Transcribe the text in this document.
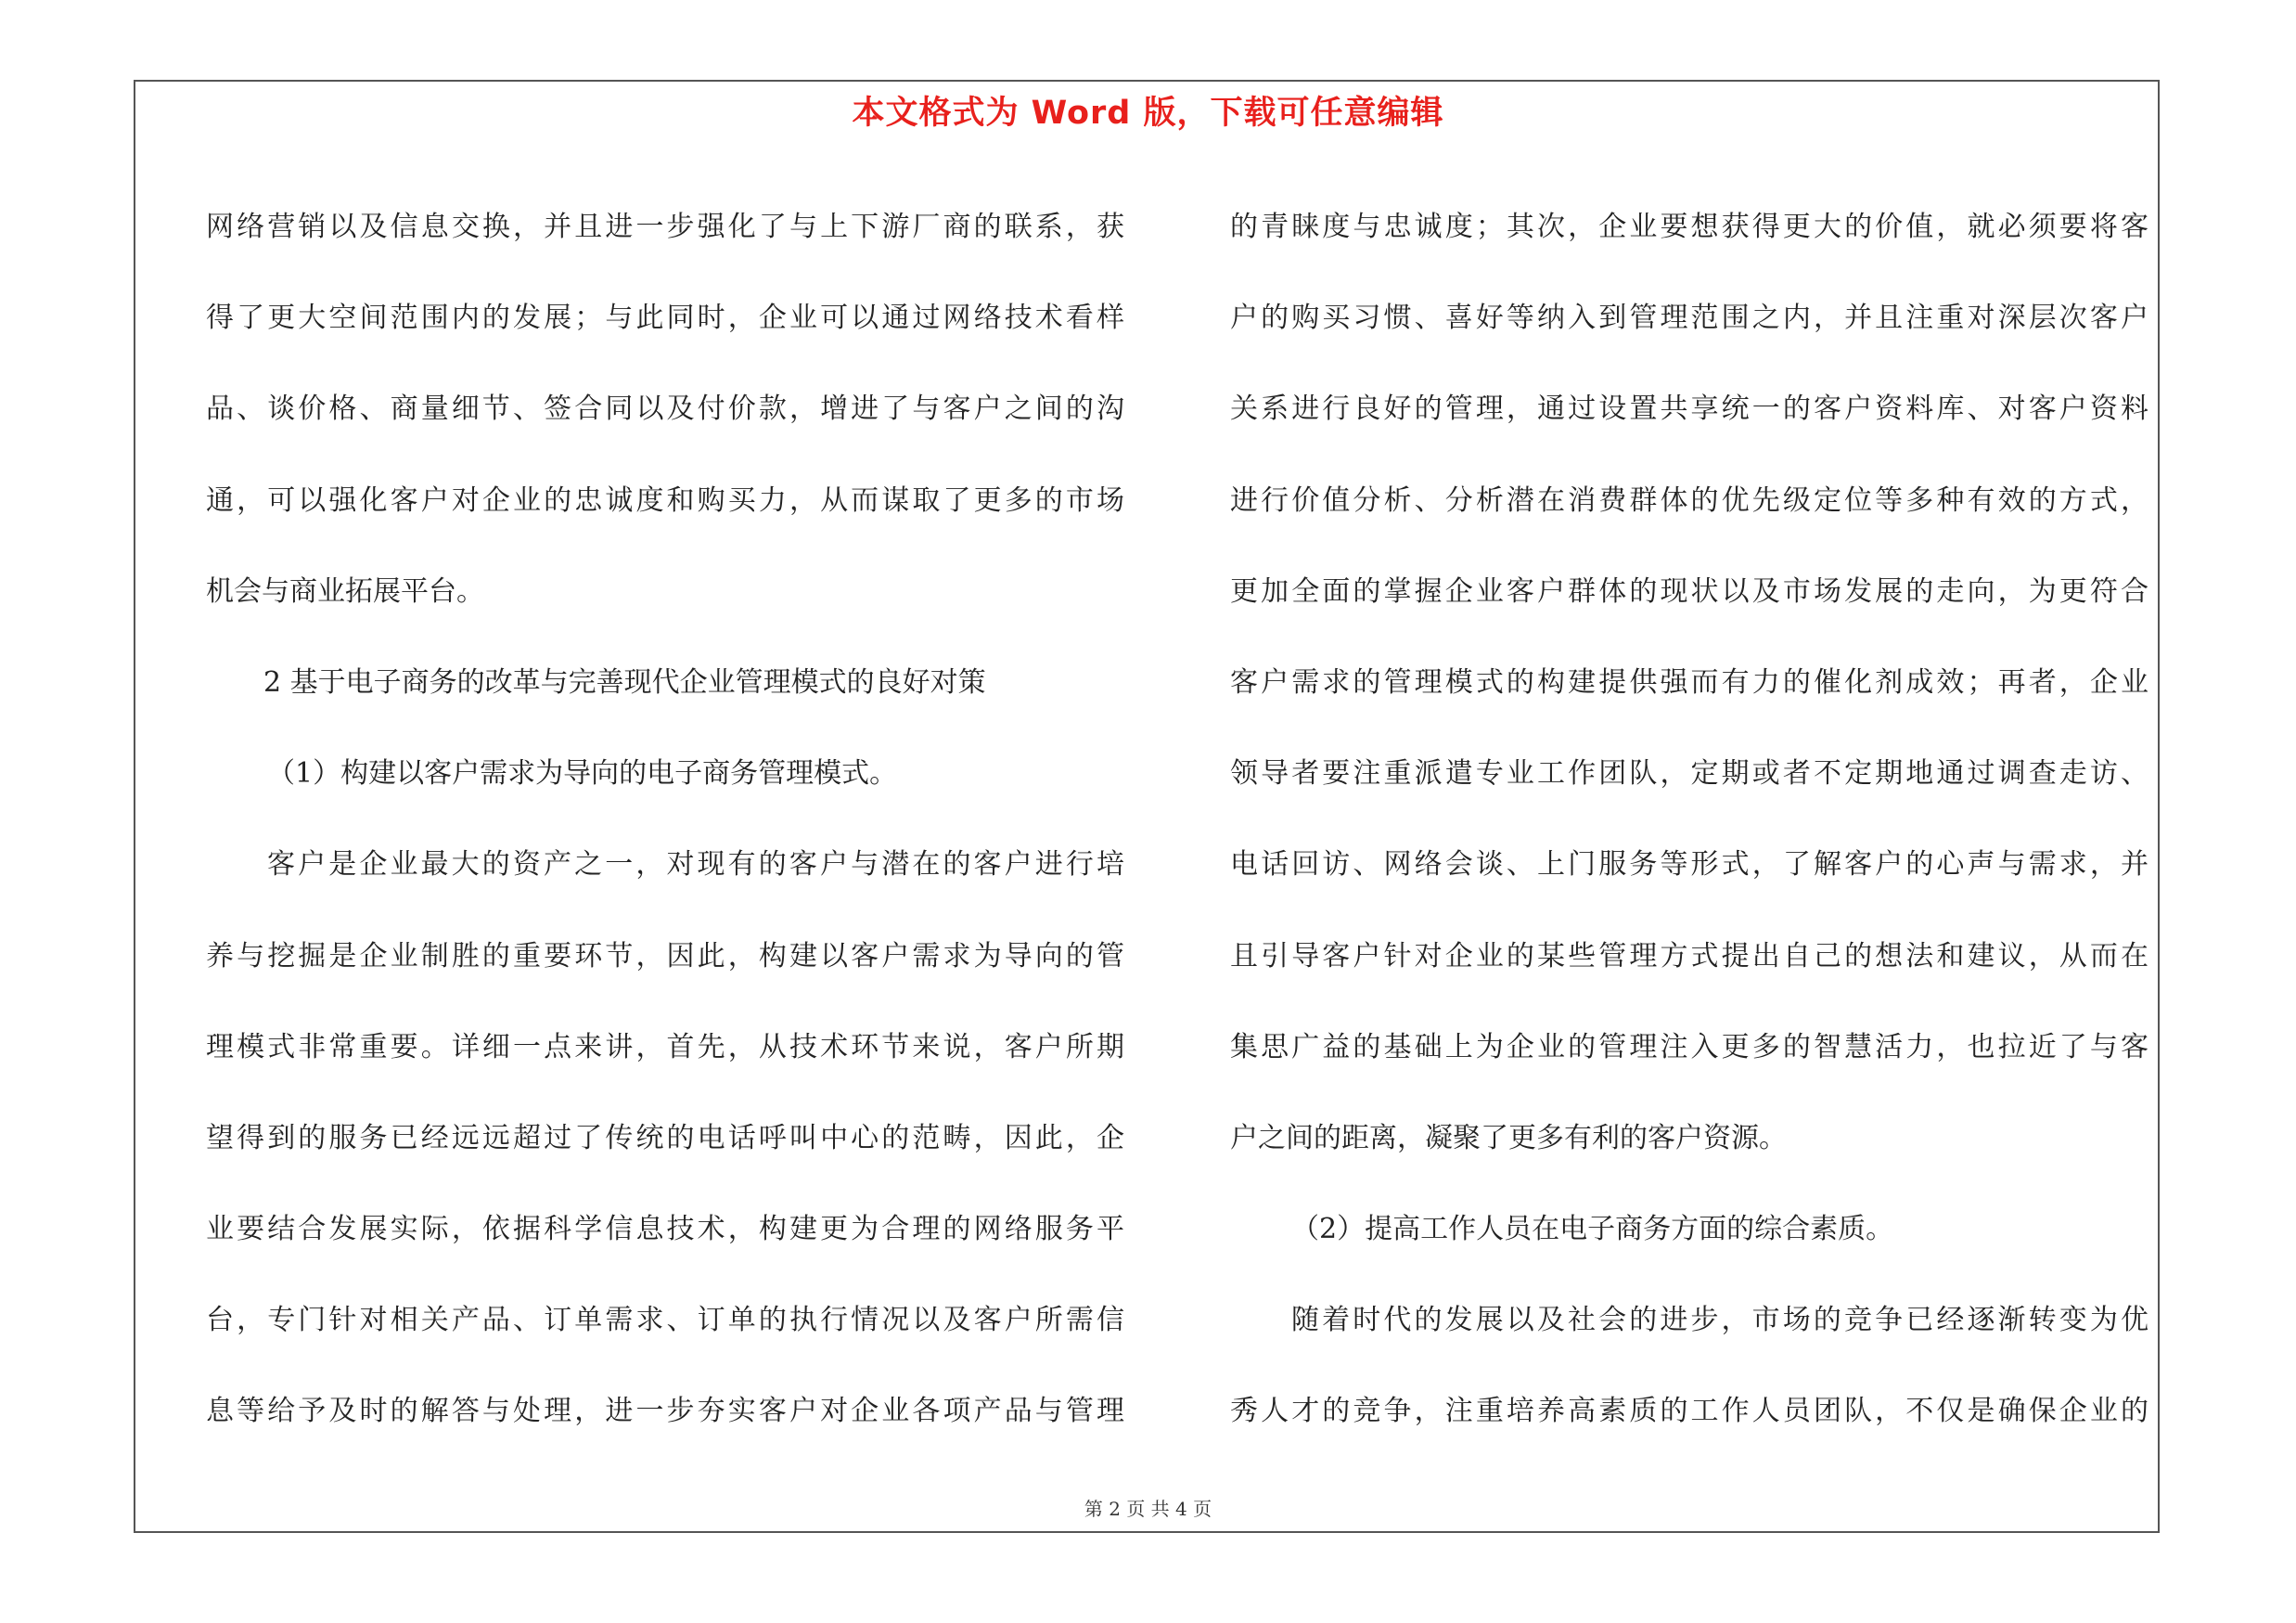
本文格式为 Word 版，下载可任意编辑
网络营销以及信息交换，并且进一步强化了与上下游厂商的联系，获
得了更大空间范围内的发展；与此同时，企业可以通过网络技术看样
品、谈价格、商量细节、签合同以及付价款，增进了与客户之间的沟
通，可以强化客户对企业的忠诚度和购买力，从而谋取了更多的市场
机会与商业拓展平台。
2 基于电子商务的改革与完善现代企业管理模式的良好对策
（1）构建以客户需求为导向的电子商务管理模式。
客户是企业最大的资产之一，对现有的客户与潜在的客户进行培
养与挖掘是企业制胜的重要环节，因此，构建以客户需求为导向的管
理模式非常重要。详细一点来讲，首先，从技术环节来说，客户所期
望得到的服务已经远远超过了传统的电话呼叫中心的范畴，因此，企
业要结合发展实际，依据科学信息技术，构建更为合理的网络服务平
台，专门针对相关产品、订单需求、订单的执行情况以及客户所需信
息等给予及时的解答与处理，进一步夯实客户对企业各项产品与管理
的青睐度与忠诚度；其次，企业要想获得更大的价值，就必须要将客
户的购买习惯、喜好等纳入到管理范围之内，并且注重对深层次客户
关系进行良好的管理，通过设置共享统一的客户资料库、对客户资料
进行价值分析、分析潜在消费群体的优先级定位等多种有效的方式，
更加全面的掌握企业客户群体的现状以及市场发展的走向，为更符合
客户需求的管理模式的构建提供强而有力的催化剂成效；再者，企业
领导者要注重派遣专业工作团队，定期或者不定期地通过调查走访、
电话回访、网络会谈、上门服务等形式，了解客户的心声与需求，并
且引导客户针对企业的某些管理方式提出自己的想法和建议，从而在
集思广益的基础上为企业的管理注入更多的智慧活力，也拉近了与客
户之间的距离，凝聚了更多有利的客户资源。
（2）提高工作人员在电子商务方面的综合素质。
随着时代的发展以及社会的进步，市场的竞争已经逐渐转变为优
秀人才的竞争，注重培养高素质的工作人员团队，不仅是确保企业的
第 2 页 共 4 页
